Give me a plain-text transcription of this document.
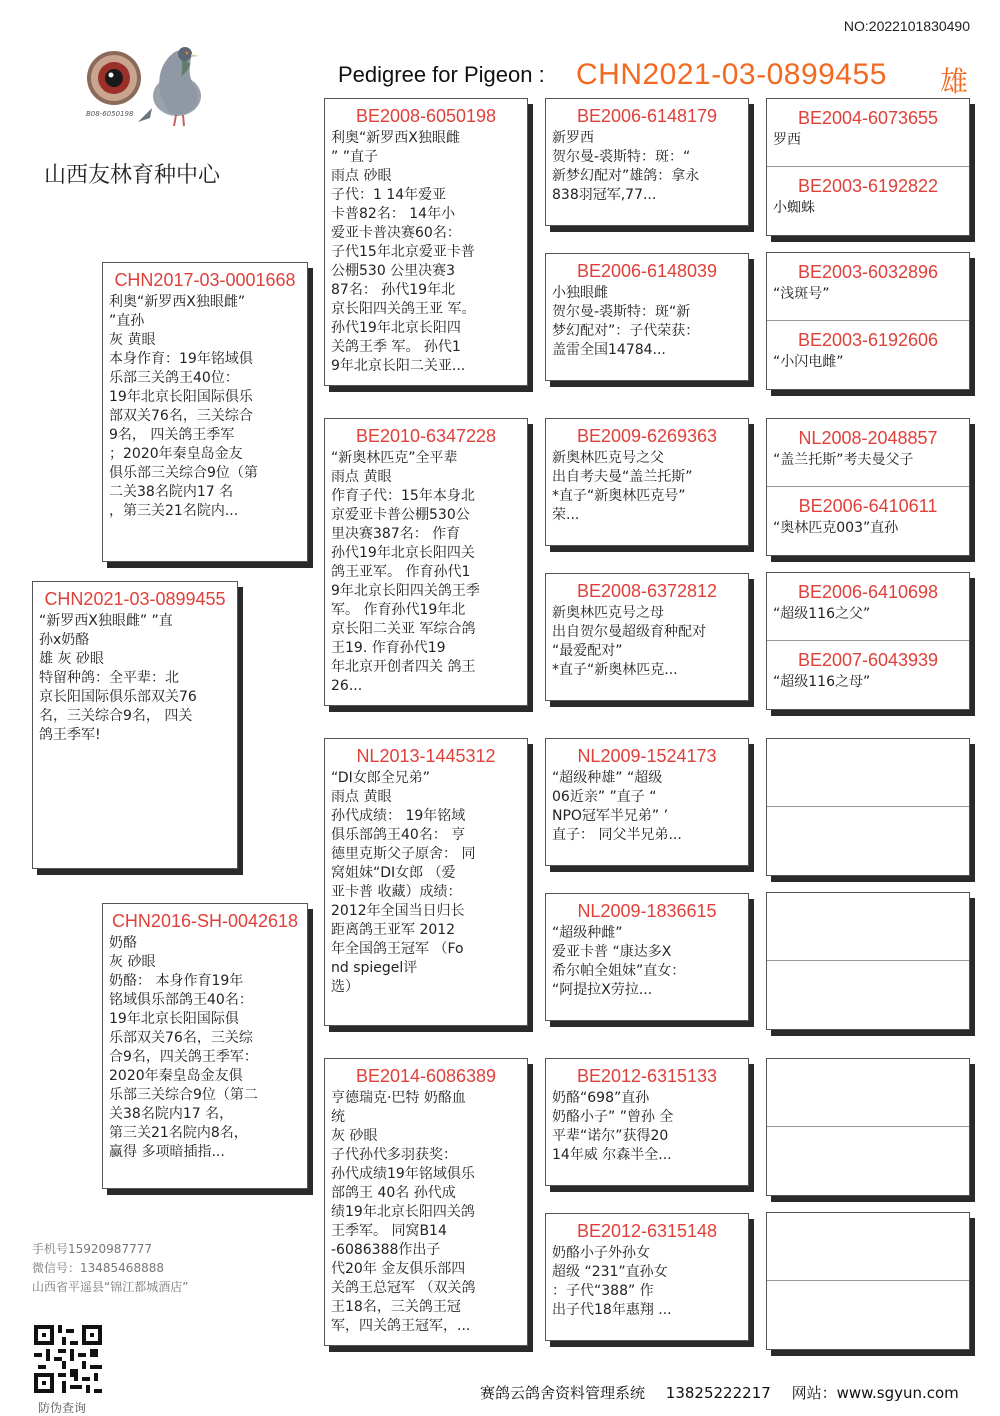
NO:2022101830490
Pedigree for Pigeon : CHN2021-03-0899455 雄
B08-6050198
山西友林育种中心
CHN2021-03-0899455
“新罗西X独眼雌” ”直
孙x奶酪
雄 灰 砂眼
特留种鸽：全平辈：北
京长阳国际俱乐部双关76
名，三关综合9名， 四关
鸽王季军!
CHN2017-03-0001668
利奥“新罗西X独眼雌”
”直孙
灰 黄眼
本身作育：19年铭域俱
乐部三关鸽王40位：
19年北京长阳国际俱乐
部双关76名，三关综合
9名， 四关鸽王季军
；2020年秦皇岛金友
俱乐部三关综合9位（第
二关38名院内17 名
，第三关21名院内...
CHN2016-SH-0042618
奶酪
灰 砂眼
奶酪： 本身作育19年
铭域俱乐部鸽王40名：
19年北京长阳国际俱
乐部双关76名，三关综
合9名，四关鸽王季军：
2020年秦皇岛金友俱
乐部三关综合9位（第二
关38名院内17 名，
第三关21名院内8名，
赢得 多项暗插指...
BE2008-6050198
利奥“新罗西X独眼雌
” ”直子
雨点 砂眼
子代：1 14年爱亚
卡普82名： 14年小
爱亚卡普决赛60名：
子代15年北京爱亚卡普
公棚530 公里决赛3
87名： 孙代19年北
京长阳四关鸽王亚 军。
孙代19年北京长阳四
关鸽王季 军。 孙代1
9年北京长阳二关亚...
BE2010-6347228
“新奥林匹克”全平辈
雨点 黄眼
作育子代：15年本身北
京爱亚卡普公棚530公
里决赛387名： 作育
孙代19年北京长阳四关
鸽王亚军。 作育孙代1
9年北京长阳四关鸽王季
军。 作育孙代19年北
京长阳二关亚 军综合鸽
王19. 作育孙代19
年北京开创者四关 鸽王
26...
NL2013-1445312
“DI女郎全兄弟”
雨点 黄眼
孙代成绩： 19年铭域
俱乐部鸽王40名： 亨
德里克斯父子原舍： 同
窝姐妹“DI女郎 （爱
亚卡普 收藏）成绩：
2012年全国当日归长
距离鸽王亚军 2012
年全国鸽王冠军 （Fo
nd spiegel评
选）
BE2014-6086389
亨德瑞克·巴特 奶酪血
统
灰 砂眼
子代孙代多羽获奖：
孙代成绩19年铭域俱乐
部鸽王 40名 孙代成
绩19年北京长阳四关鸽
王季军。 同窝B14
-6086388作出子
代20年 金友俱乐部四
关鸽王总冠军 （双关鸽
王18名，三关鸽王冠
军，四关鸽王冠军，...
BE2006-6148179
新罗西
贺尔曼-裘斯特：斑：“
新梦幻配对”雄鸽：拿永
838羽冠军,77...
BE2006-6148039
小独眼雌
贺尔曼-裘斯特：斑“新
梦幻配对”：子代荣获：
盖雷全国14784...
BE2009-6269363
新奥林匹克号之父
出自考夫曼“盖兰托斯”
*直子“新奥林匹克号”
荣...
BE2008-6372812
新奥林匹克号之母
出自贺尔曼超级育种配对
“最爱配对”
*直子“新奥林匹克...
NL2009-1524173
“超级种雄” “超级
06近亲” ”直子 “
NPO冠军半兄弟” ’
直子： 同父半兄弟...
NL2009-1836615
“超级种雌”
爱亚卡普 “康达多X
希尔帕全姐妹”直女：
“阿提拉X劳拉...
BE2012-6315133
奶酪“698”直孙
奶酪小子” ”曾孙 全
平辈“诺尔”获得20
14年威 尔森半全...
BE2012-6315148
奶酪小子外孙女
超级 “231”直孙女
：子代“388” 作
出子代18年惠翔 ...
BE2004-6073655
罗西
BE2003-6192822
小蜘蛛
BE2003-6032896
“浅斑号”
BE2003-6192606
“小闪电雌”
NL2008-2048857
“盖兰托斯”考夫曼父子
BE2006-6410611
“奥林匹克003”直孙
BE2006-6410698
“超级116之父”
BE2007-6043939
“超级116之母”
手机号15920987777
微信号：13485468888
山西省平遥县“锦江都城酒店”
防伪查询
赛鸽云鸽舍资料管理系统 13825222217 网站：www.sgyun.com
